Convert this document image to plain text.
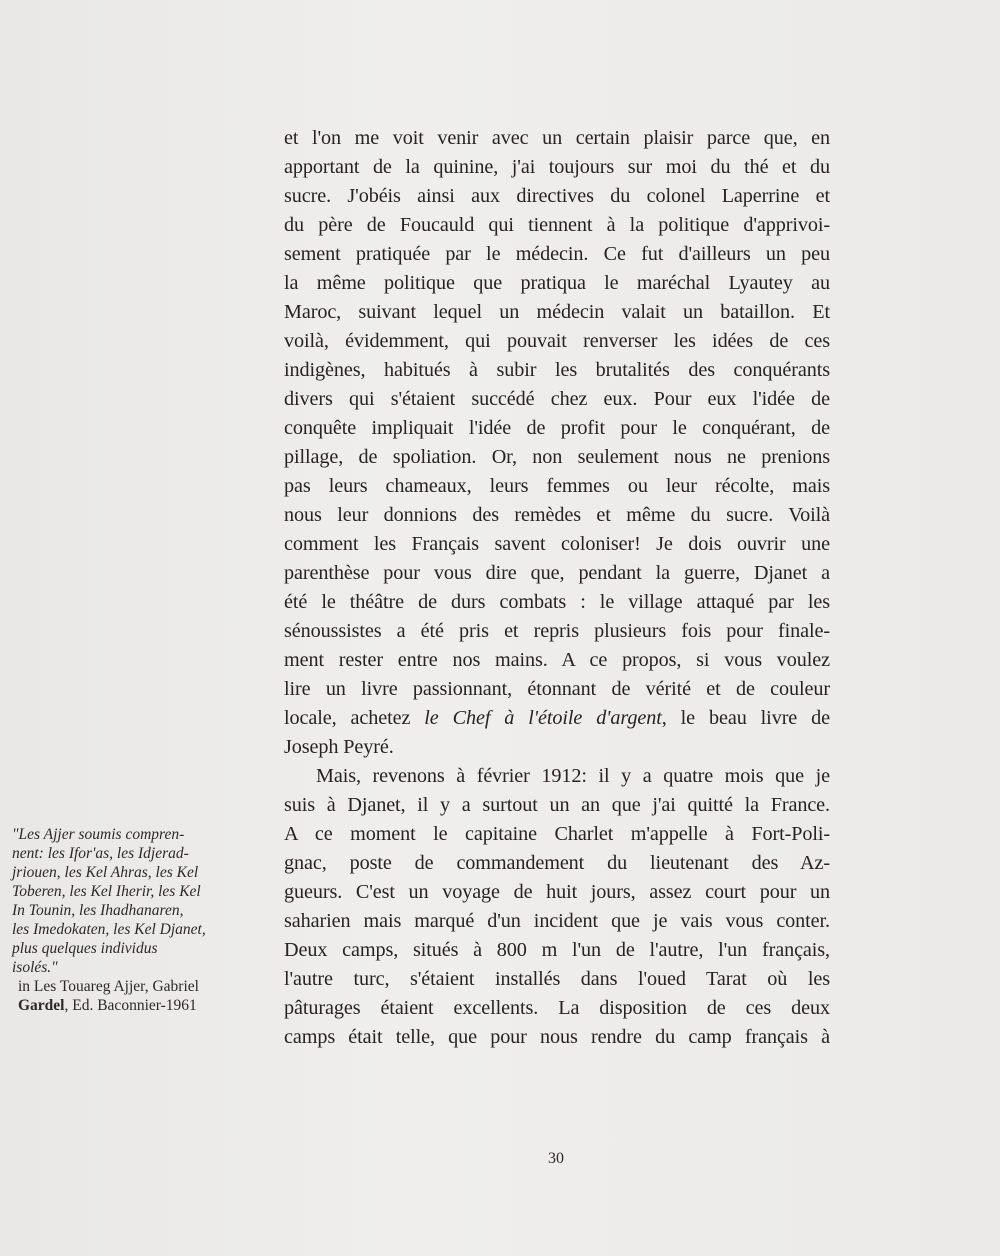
et l'on me voit venir avec un certain plaisir parce que, en
apportant de la quinine, j'ai toujours sur moi du thé et du
sucre. J'obéis ainsi aux directives du colonel Laperrine et
du père de Foucauld qui tiennent à la politique d'apprivoi-
sement pratiquée par le médecin. Ce fut d'ailleurs un peu
la même politique que pratiqua le maréchal Lyautey au
Maroc, suivant lequel un médecin valait un bataillon. Et
voilà, évidemment, qui pouvait renverser les idées de ces
indigènes, habitués à subir les brutalités des conquérants
divers qui s'étaient succédé chez eux. Pour eux l'idée de
conquête impliquait l'idée de profit pour le conquérant, de
pillage, de spoliation. Or, non seulement nous ne prenions
pas leurs chameaux, leurs femmes ou leur récolte, mais
nous leur donnions des remèdes et même du sucre. Voilà
comment les Français savent coloniser! Je dois ouvrir une
parenthèse pour vous dire que, pendant la guerre, Djanet a
été le théâtre de durs combats : le village attaqué par les
sénoussistes a été pris et repris plusieurs fois pour finale-
ment rester entre nos mains. A ce propos, si vous voulez
lire un livre passionnant, étonnant de vérité et de couleur
locale, achetez le Chef à l'étoile d'argent, le beau livre de
Joseph Peyré.
Mais, revenons à février 1912: il y a quatre mois que je
suis à Djanet, il y a surtout un an que j'ai quitté la France.
A ce moment le capitaine Charlet m'appelle à Fort-Poli-
gnac, poste de commandement du lieutenant des Az-
gueurs. C'est un voyage de huit jours, assez court pour un
saharien mais marqué d'un incident que je vais vous conter.
Deux camps, situés à 800 m l'un de l'autre, l'un français,
l'autre turc, s'étaient installés dans l'oued Tarat où les
pâturages étaient excellents. La disposition de ces deux
camps était telle, que pour nous rendre du camp français à
"Les Ajjer soumis compren-
nent: les Ifor'as, les Idjerad-
jriouen, les Kel Ahras, les Kel
Toberen, les Kel Iherir, les Kel
In Tounin, les Ihadhanaren,
les Imedokaten, les Kel Djanet,
plus quelques individus
isolés."
in Les Touareg Ajjer, Gabriel
Gardel, Ed. Baconnier-1961
30
